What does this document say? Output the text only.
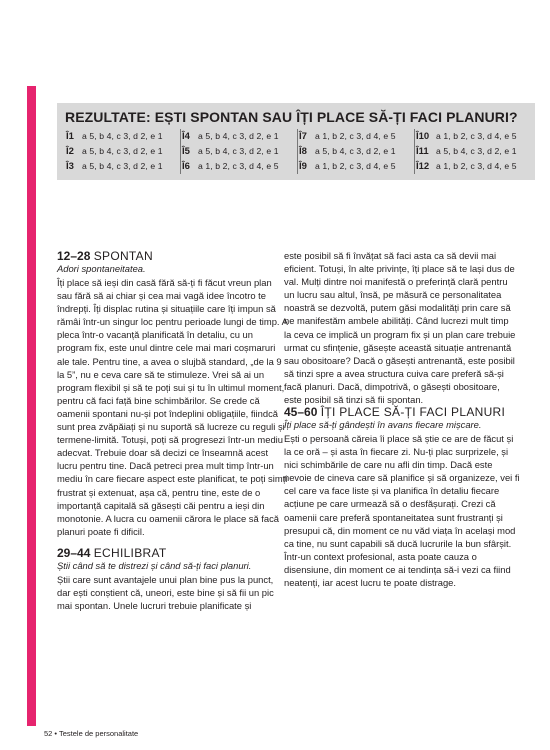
REZULTATE: EȘTI SPONTAN SAU ÎȚI PLACE SĂ-ȚI FACI PLANURI?
Î1 a 5, b 4, c 3, d 2, e 1 Î4 a 5, b 4, c 3, d 2, e 1 Î7 a 1, b 2, c 3, d 4, e 5 Î10 a 1, b 2, c 3, d 4, e 5
Î2 a 5, b 4, c 3, d 2, e 1 Î5 a 5, b 4, c 3, d 2, e 1 Î8 a 5, b 4, c 3, d 2, e 1 Î11 a 5, b 4, c 3, d 2, e 1
Î3 a 5, b 4, c 3, d 2, e 1 Î6 a 1, b 2, c 3, d 4, e 5 Î9 a 1, b 2, c 3, d 4, e 5 Î12 a 1, b 2, c 3, d 4, e 5
12–28 SPONTAN

Adori spontaneitatea.

Îți place să ieși din casă fără să-ți fi făcut vreun plan sau fără să ai chiar și cea mai vagă idee încotro te îndrepți. Îți displac rutina și situațiile care îți impun să rămâi într-un singur loc pentru perioade lungi de timp. A pleca într-o vacanță planificată în detaliu, cu un program fix, este unul dintre cele mai mari coșmaruri ale tale. Pentru tine, a avea o slujbă standard, „de la 9 la 5”, nu e ceva care să te stimuleze. Vrei să ai un program flexibil și să te poți sui și tu în ultimul moment, pentru că faci față bine schimbărilor. Se crede că oamenii spontani nu-și pot îndeplini obligațiile, fiindcă sunt prea zvăpăiați și nu suportă să lucreze cu reguli și termene-limită. Totuși, poți să progresezi într-un mediu adecvat. Trebuie doar să decizi ce înseamnă acest lucru pentru tine. Dacă petreci prea mult timp într-un mediu în care fiecare aspect este planificat, te poți simți frustrat și extenuat, așa că, pentru tine, este de o importanță capitală să găsești căi pentru a ieși din monotonie. A lucra cu oamenii cărora le place să facă planuri poate fi dificil.

29–44 ECHILIBRAT

Știi când să te distrezi și când să-ți faci planuri.

Știi care sunt avantajele unui plan bine pus la punct, dar ești conștient că, uneori, este bine și să fii un pic mai spontan. Unele lucruri trebuie planificate și

este posibil să fi învățat să faci asta ca să devii mai eficient. Totuși, în alte privințe, îți place să te lași dus de val. Mulți dintre noi manifestă o preferință clară pentru un lucru sau altul, însă, pe măsură ce personalitatea noastră se dezvoltă, putem găsi modalități prin care să ne manifestăm ambele abilități. Când lucrezi mult timp la ceva ce implică un program fix și un plan care trebuie urmat cu sfințenie, găsește această situație antrenantă sau obositoare? Dacă o găsești antrenantă, este posibil să tinzi spre a avea structura cuiva care preferă să-și facă planuri. Dacă, dimpotrivă, o găsești obositoare, este posibil să tinzi să fii spontan.

45–60 ÎȚI PLACE SĂ-ȚI FACI PLANURI

Îți place să-ți gândești în avans fiecare mișcare.

Ești o persoană căreia îi place să știe ce are de făcut și la ce oră – și asta în fiecare zi. Nu-ți plac surprizele, și nici schimbările de care nu afli din timp. Dacă este nevoie de cineva care să planifice și să organizeze, vei fi cel care va face liste și va planifica în detaliu fiecare acțiune pe care urmează să o desfășurați. Crezi că oamenii care preferă spontaneitatea sunt frustranți și presupui că, din moment ce nu văd viața în același mod ca tine, nu sunt capabili să ducă lucrurile la bun sfârșit. Într-un context profesional, asta poate cauza o disensiune, din moment ce ai tendința să-i vezi ca fiind neatenți, iar acest lucru te poate distrage.

52 • Testele de personalitate
